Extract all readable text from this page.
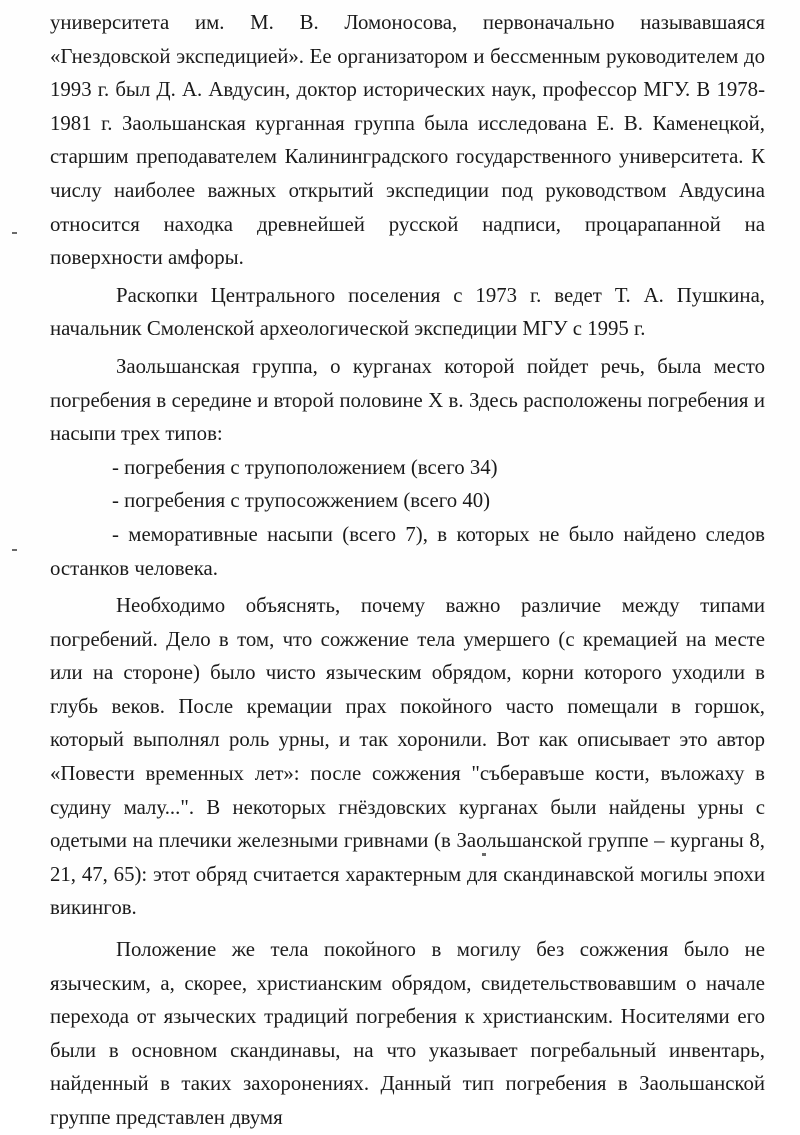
университета им. М. В. Ломоносова, первоначально называвшаяся «Гнездовской экспедицией». Ее организатором и бессменным руководителем до 1993 г. был Д. А. Авдусин, доктор исторических наук, профессор МГУ. В 1978-1981 г. Заольшанская курганная группа была исследована Е. В. Каменецкой, старшим преподавателем Калининградского государственного университета. К числу наиболее важных открытий экспедиции под руководством Авдусина относится находка древнейшей русской надписи, процарапанной на поверхности амфоры.

Раскопки Центрального поселения с 1973 г. ведет Т. А. Пушкина, начальник Смоленской археологической экспедиции МГУ с 1995 г.

Заольшанская группа, о курганах которой пойдет речь, была место погребения в середине и второй половине Х в. Здесь расположены погребения и насыпи трех типов:

- погребения с трупоположением (всего 34)

- погребения с трупосожжением (всего 40)

- меморативные насыпи (всего 7), в которых не было найдено следов останков человека.

Необходимо объяснять, почему важно различие между типами погребений. Дело в том, что сожжение тела умершего (с кремацией на месте или на стороне) было чисто языческим обрядом, корни которого уходили в глубь веков. После кремации прах покойного часто помещали в горшок, который выполнял роль урны, и так хоронили. Вот как описывает это автор «Повести временных лет»: после сожжения "съберавъше кости, въложаху в судину малу...". В некоторых гнёздовских курганах были найдены урны с одетыми на плечики железными гривнами (в Заольшанской группе – курганы 8, 21, 47, 65): этот обряд считается характерным для скандинавской могилы эпохи викингов.

Положение же тела покойного в могилу без сожжения было не языческим, а, скорее, христианским обрядом, свидетельствовавшим о начале перехода от языческих традиций погребения к христианским. Носителями его были в основном скандинавы, на что указывает погребальный инвентарь, найденный в таких захоронениях. Данный тип погребения в Заольшанской группе представлен двумя
